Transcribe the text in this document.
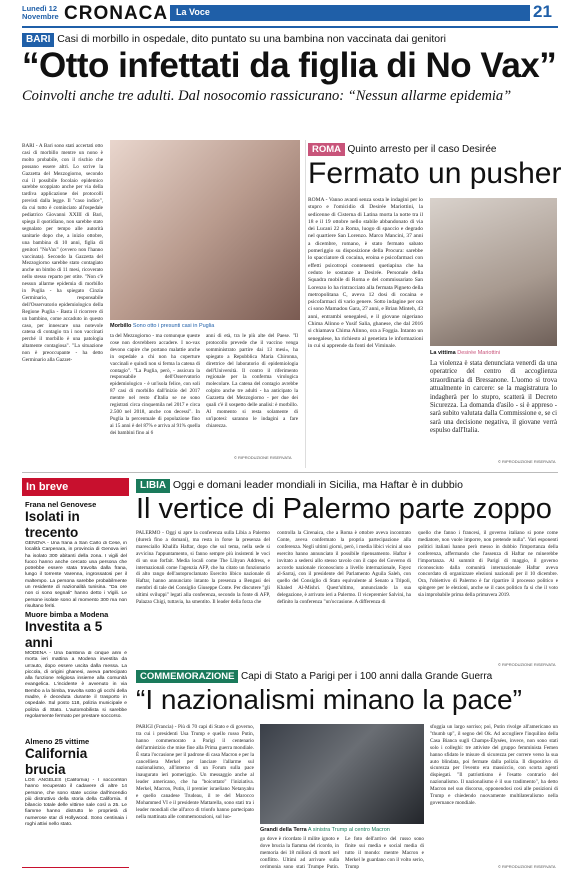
Lunedì 12
Novembre CRONACA La Voce	21
BARI Casi di morbillo in ospedale, dito puntato su una bambina non vaccinata dai genitori
“Otto infettati da figlia di No Vax”
Coinvolti anche tre adulti. Dal nosocomio rassicurano: “Nessun allarme epidemia”
BARI - A Bari sono stati accertati otto casi di morbillo mentre un nono è molto probabile, con il rischio che possano essere altri. Lo scrive la Gazzetta del Mezzogiorno, secondo cui il possibile focolaio epidemico sarebbe scoppiato anche per via della tardiva applicazione dei protocolli previsti dalla legge. Il "caso indice", da cui tutto è cominciato all'ospedale pediatrico Giovanni XXIII di Bari, spiega il quotidiano, non sarebbe stato segnalato per tempo alle autorità sanitarie dopo che, a inizio ottobre, una bambina di 10 anni, figlia di genitori "NoVax" (ovvero non l'hanno vaccinata). Secondo la Gazzetta del Mezzogiorno sarebbe stato contagiato anche un bimbo di 11 mesi, ricoverato nello stesso reparto per otite. "Non c'è nessun allarme epidemia di morbillo in Puglia - ha spiegato Cinzia Germinario, responsabile dell'Osservatorio epidemiologico della Regione Puglia - Basta il ricorrere di un bambino, come accaduto in questo caso, per innescare una notevole catena di contagio tra i non vaccinati perché il morbillo è una patologia altamente contagiosa". "La situazione non è preoccupante - ha detto Germinario alla Gazzet-
Morbillo Sono otto i presunti casi in Puglia
ta del Mezzogiorno - ma comunque queste cose non dovrebbero accadere. I no-vax devono capire che portano malattie anche in ospedale a chi non ha coperture vaccinali e quindi non si ferma la catena di contagio". "La Puglia, però, - assicura la responsabile dell'Osservatorio epidemiologico - è un'isola felice, con soli 87 casi di morbillo dall'inizio del 2017 mentre nel resto d'Italia se ne sono registrati circa cinquemila nel 2017 e circa 2.500 nel 2018, anche con decessi". In Puglia la percentuale di popolazione fino ai 15 anni è del 87% e arriva al 91% quella dei bambini fino ai 6
anni di età, tra le più alte del Paese. "Il protocollo prevede che il vaccino venga somministrato partire dai 13 mesi», ha spiegato a Repubblica Maria Chironna, direttrice del laboratorio di epidemiologia dell'Università. Il contro il riferimento regionale per la conferma virologica molecolare. La catena del contagio avrebbe colpito anche tre adulti - ha anticipato la Gazzetta del Mezzogiorno - per due dei quali c'è il sospetto delle analisi: è morbillo. Al momento si resta solamente di un'ipotesi: saranno le indagini a fare chiarezza.
© RIPRODUZIONE RISERVATA
ROMA Quinto arresto per il caso Desirée
Fermato un pusher
ROMA - Vanno avanti senza sosta le indagini per lo stupro e l'omicidio di Desirée Mariottini, la sedicenne di Cisterna di Latina morta la notte tra il 18 e il 19 ottobre nello stabile abbandonato di via dei Lucani 22 a Roma, luogo di spaccio e degrado nel quartiere San Lorenzo. Marco Mancini, 37 anni a dicembre, romano, è stato fermato sabato pomeriggio su disposizione della Procura: sarebbe lo spacciatore di cocaina, eroina e psicofarmaci con effetti psicotropi contenenti quetiapina che ha ceduto le sostanze a Desirée. Personale della Squadra mobile di Roma e del commissariato San Lorenzo lo ha rintracciato alla fermata Pigneto della metropolitana C, aveva 12 dosi di cocaina e psicofarmaci di vario genere. Sotto indagine per ora ci sono Mamadou Gara, 27 anni, e Brian Minteh, 43 anni, entrambi senegalesi, e il giovane nigeriano Chima Alinno e Yusif Salia, ghanese, che dal 2016 si chiamava Chima Alinno, ora a Foggia. Intanto un senegalese, ha richiesto al genetista le informazioni in cui si apprende da fonti del Viminale.
La vittima Desirée Mariottini
La violenza è stata denunciata venerdì da una operatrice del centro di accoglienza straordinaria di Bressanone. L'uomo si trova attualmente in carcere: se la magistratura lo indagherà per lo stupro, scatterà il Decreto Sicurezza. La domanda d'asilo - si è appreso - sarà subito valutata dalla Commissione e, se ci sarà una decisione negativa, il giovane verrà espulso dall'Italia.
© RIPRODUZIONE RISERVATA
In breve
Frana nel Genovese
Isolati in trecento
GENOVA - Una frana a San Carlo di Cese, in località Carpenara, in provincia di Genova ieri ha isolato 300 abitanti della zona. I vigili del fuoco hanno anche cercato una persona che potrebbe essere stata travolta dalla frana, lungo il torrente Varenna, ingrossatosi per il maltempo. La persona sarebbe probabilmente un residente di nazionalità tunisina. "Da ore non ci sono segnali" hanno detto i Vigili. Le persone isolate sono al momento 300 ma non risultano feriti.
Muore bimba a Modena
Investita a 5 anni
MODENA - Una bambina di cinque anni è morta ieri mattina a Modena investita da un'auto, dopo essere uscita dalla messa. La piccola, di origini ghanesi, aveva partecipato alla funzione religiosa insieme alla comunità evangelica. L'incidente è avvenuto in via Bembo a la bimba, travolta sotto gli occhi della madre, è deceduta durante il trasporto in ospedale. Sul posto 118, polizia municipale e polizia di Stato. L'automobilista si sarebbe regolarmente fermato per prestare soccorso.
Almeno 25 vittime
California brucia
LOS ANGELES (California) - I soccorritori hanno recuperato il cadavere di altre 14 persone, che sono state uccise dall'incendio più distruttivo della storia della California. Il bilancio totale delle vittime sale così a 25. Le fiamme hanno distrutto le proprietà di numerose star di Hollywood. Sono centinaia i roghi attivi nello stato.
LIBIA Oggi e domani leader mondiali in Sicilia, ma Haftar è in dubbio
Il vertice di Palermo parte zoppo
PALERMO - Oggi si apre la conferenza sulla Libia a Palermo (durerà fino a domani), ma resta in forse la presenza del maresciallo Khalifa Haftar, dopo che sul tema, nella sede si avvicina l'appuntamento, si fanno sempre più insistenti le voci di un suo forfait. Media locali come The Libyan Address, e internazionali come l'agenzia AFP, che ha citato un funzionario di alto rango dell'autoproclamato Esercito libico nazionale di Haftar, hanno annunciato intanto la presenza a Bengasi dei membri di tale del Consiglio Giuseppe Conte. Per discutere "gli ultimi sviluppi" legati alla conferenza, secondo la fonte di AFP, Palazzo Chigi, tuttavia, ha smentito. Il leader della forza che
controlla la Cirenaica, che a Roma è ottobre aveva incontrato Conte, aveva confermato la propria partecipazione alla conferenza. Negli ultimi giorni, però, i media libici vicini al suo esercito hanno annunciato il possibile ripensamento. Haftar è invitato a sedersi allo stesso tavolo con il capo del Governo di accordo nazionale riconosciuto a livello internazionale, Fayez al-Sarraj, con il presidente del Parlamento Aguila Saleh, con quello del Consiglio di Stato equivalente al Senato a Tripoli, Khaled Al-Mishri. Quest'ultimo, annunciando la sua delegazione, è arrivato ieri a Palermo. Il vicepremier Salvini, ha definito la conferenza "un'occasione. A differenza di
quello che fanno i francesi, il governo italiano si pone come mediatore, non vuole imporre, non pretende nulla". Vari esponenti politici italiani hanno però messo in dubbio l'importanza della conferenza, affermando che l'assenza di Haftar ne minerebbe l'importanza. Al summit di Parigi di maggio, il governo riconosciuto dalla comunità internazionale Haftar aveva concordato di organizzare elezioni nazionali per il 10 dicembre. Ora, l'obiettivo di Palermo è far ripartire il processo politico e spingere per le elezioni, anche se il caos politico fa sì che il voto sia improbabile prima della primavera 2019.
© RIPRODUZIONE RISERVATA
COMMEMORAZIONE Capi di Stato a Parigi per i 100 anni dalla Grande Guerra
“I nazionalismi minano la pace”
PARIGI (Francia) - Più di 70 capi di Stato e di governo, tra cui i presidenti Usa Trump e quello russo Putin, hanno commemorato a Parigi il centenario dell'armistizio che mise fine alla Prima guerra mondiale. È stata l'occasione per il padrone di casa Macron e per la cancelliera Merkel per lanciare l'allarme sul nazionalismo, all'interno di un Forum sulla pace inaugurato ieri pomeriggio. Un messaggio anche al leader americano, che ha "boicottato" l'iniziativa. Merkel, Macron, Putin, il premier israeliano Netanyahu e quello canadese Trudeau, il re del Marocco Mohammed VI e il presidente Mattarella, sono stati tra i leader mondiali che all'arco di trionfo hanno partecipato nella mattinata alle commemorazioni, sul luo-
Grandi della Terra A sinistra Trump al centro Macron
go dove è ricordato il milite ignoto e dove brucia la fiamma del ricordo, in memoria dei 18 milioni di morti nel conflitto. Ultimi ad arrivare sulla cerimonia sono stati Trumpe Putin. Le foto dell'arrivo del russo sono finite sui media e social media di tutto il mondo: mentre Macron e Merkel le guardano con il volto serio, Trump
sfoggia un largo sorriso; poi, Putin rivolge all'americano un "thumb up", il segno del Ok. Ad accogliere l'inquilino della Casa Bianca sugli Champs-Élysées, invece, non sono stati solo i colleghi: tre attiviste del gruppo femminista Femen hanno sfidato le misure di sicurezza per correre verso la sua auto blindata, poi fermate dalla polizia. Il dispositivo di sicurezza per l'evento era massiccio, con scorta agenti dispiegati. "Il patriottismo è l'esatto contrario del nazionalismo. Il nazionalismo è il suo tradimento", ha detto Macron nel suo discorso, opponendosi così alle posizioni di Trump e chiedendo nuovamente multilateralismo nella governance mondiale.
© RIPRODUZIONE RISERVATA
